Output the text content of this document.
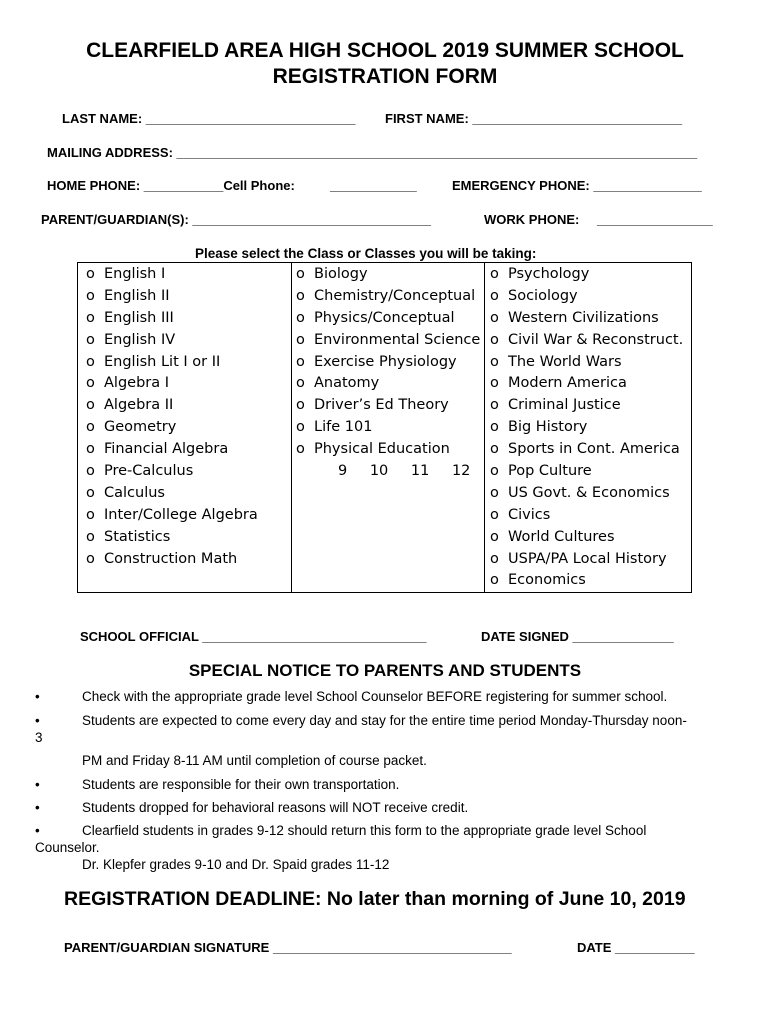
CLEARFIELD AREA HIGH SCHOOL 2019 SUMMER SCHOOL
REGISTRATION FORM
LAST NAME: _____________________________ FIRST NAME: _____________________________
MAILING ADDRESS: ________________________________________________________________________
HOME PHONE: ___________Cell Phone:	____________	EMERGENCY PHONE: _______________
PARENT/GUARDIAN(S): _________________________________	WORK PHONE: ________________
Please select the Class or Classes you will be taking:
o English I
o English II
o English III
o English IV
o English Lit I or II
o Algebra I
o Algebra II
o Geometry
o Financial Algebra
o Pre-Calculus
o Calculus
o Inter/College Algebra
o Statistics
o Construction Math
o Biology
o Chemistry/Conceptual
o Physics/Conceptual
o Environmental Science
o Exercise Physiology
o Anatomy
o Driver’s Ed Theory
o Life 101
o Physical Education
9 10 11 12
o Psychology
o Sociology
o Western Civilizations
o Civil War & Reconstruct.
o The World Wars
o Modern America
o Criminal Justice
o Big History
o Sports in Cont. America
o Pop Culture
o US Govt. & Economics
o Civics
o World Cultures
o USPA/PA Local History
o Economics
SCHOOL OFFICIAL _______________________________	DATE SIGNED ______________
SPECIAL NOTICE TO PARENTS AND STUDENTS
•	Check with the appropriate grade level School Counselor BEFORE registering for summer school.
•	Students are expected to come every day and stay for the entire time period Monday-Thursday noon-
3
PM and Friday 8-11 AM until completion of course packet.
•	Students are responsible for their own transportation.
•	Students dropped for behavioral reasons will NOT receive credit.
•	Clearfield students in grades 9-12 should return this form to the appropriate grade level School
Counselor.
Dr. Klepfer grades 9-10 and Dr. Spaid grades 11-12
REGISTRATION DEADLINE: No later than morning of June 10, 2019
PARENT/GUARDIAN SIGNATURE _________________________________	DATE ___________
